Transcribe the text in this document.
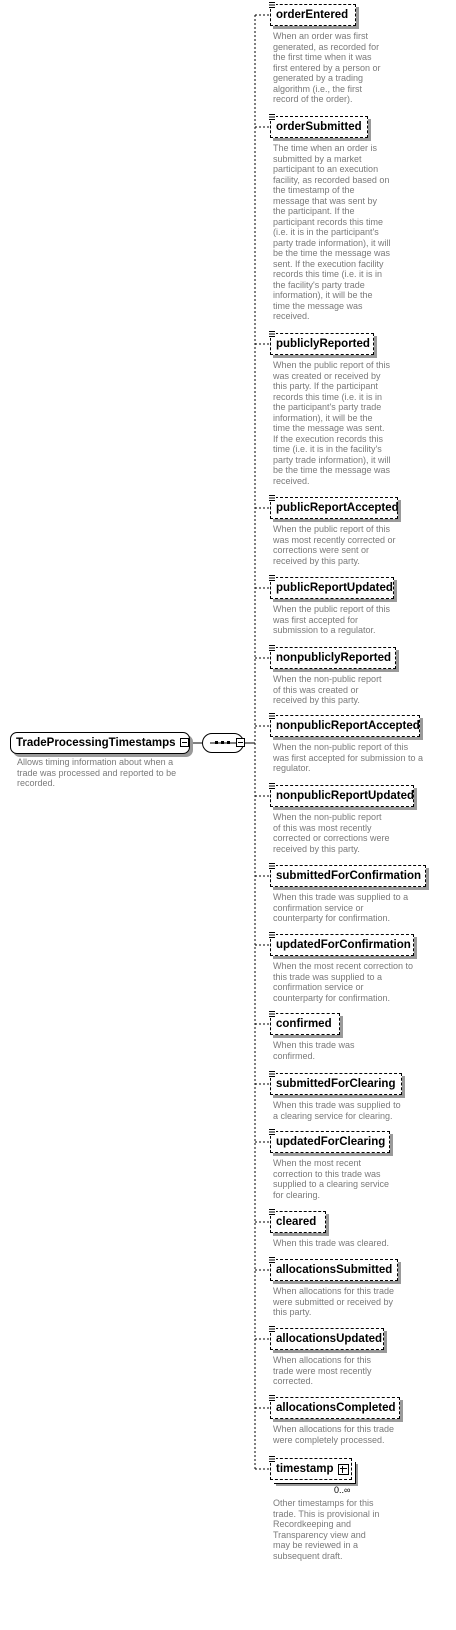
TradeProcessingTimestamps
Allows timing information about when a trade was processed and reported to be recorded.
orderEntered
When an order was first generated, as recorded for the first time when it was first entered by a person or generated by a trading algorithm (i.e., the first record of the order).
orderSubmitted
The time when an order is submitted by a market participant to an execution facility, as recorded based on the timestamp of the message that was sent by the participant. If the participant records this time (i.e. it is in the participant's party trade information), it will be the time the message was sent. If the execution facility records this time (i.e. it is in the facility's party trade information), it will be the time the message was received.
publiclyReported
When the public report of this was created or received by this party. If the participant records this time (i.e. it is in the participant's party trade information), it will be the time the message was sent. If the execution records this time (i.e. it is in the facility's party trade information), it will be the time the message was received.
publicReportAccepted
When the public report of this was most recently corrected or corrections were sent or received by this party.
publicReportUpdated
When the public report of this was first accepted for submission to a regulator.
nonpubliclyReported
When the non-public report of this was created or received by this party.
nonpublicReportAccepted
When the non-public report of this was first accepted for submission to a regulator.
nonpublicReportUpdated
When the non-public report of this was most recently corrected or corrections were received by this party.
submittedForConfirmation
When this trade was supplied to a confirmation service or counterparty for confirmation.
updatedForConfirmation
When the most recent correction to this trade was supplied to a confirmation service or counterparty for confirmation.
confirmed
When this trade was confirmed.
submittedForClearing
When this trade was supplied to a clearing service for clearing.
updatedForClearing
When the most recent correction to this trade was supplied to a clearing service for clearing.
cleared
When this trade was cleared.
allocationsSubmitted
When allocations for this trade were submitted or received by this party.
allocationsUpdated
When allocations for this trade were most recently corrected.
allocationsCompleted
When allocations for this trade were completely processed.
timestamp
0..∞
Other timestamps for this trade. This is provisional in Recordkeeping and Transparency view and may be reviewed in a subsequent draft.
